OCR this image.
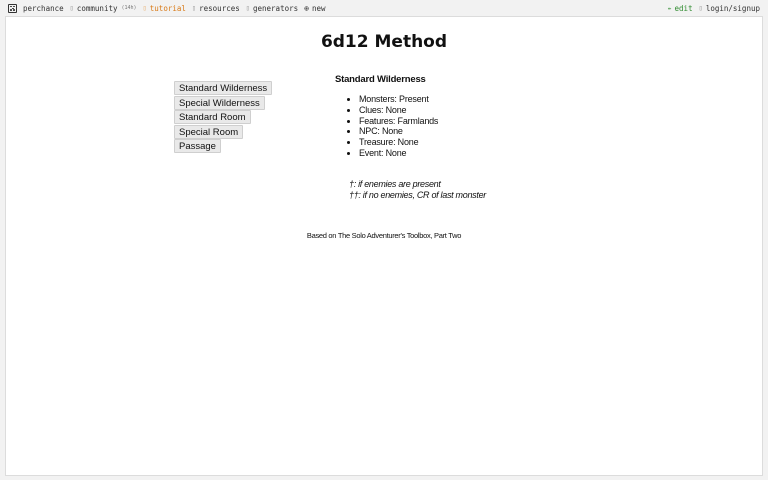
perchance ▯ community (14h) ▯ tutorial ▯ resources ▯ generators ⊕ new	✏ edit ▯ login/signup
6d12 Method
Standard Wilderness
Special Wilderness
Standard Room
Special Room
Passage
Standard Wilderness
• Monsters: Present
• Clues: None
• Features: Farmlands
• NPC: None
• Treasure: None
• Event: None
†: if enemies are present
††: if no enemies, CR of last monster
Based on The Solo Adventurer's Toolbox, Part Two
